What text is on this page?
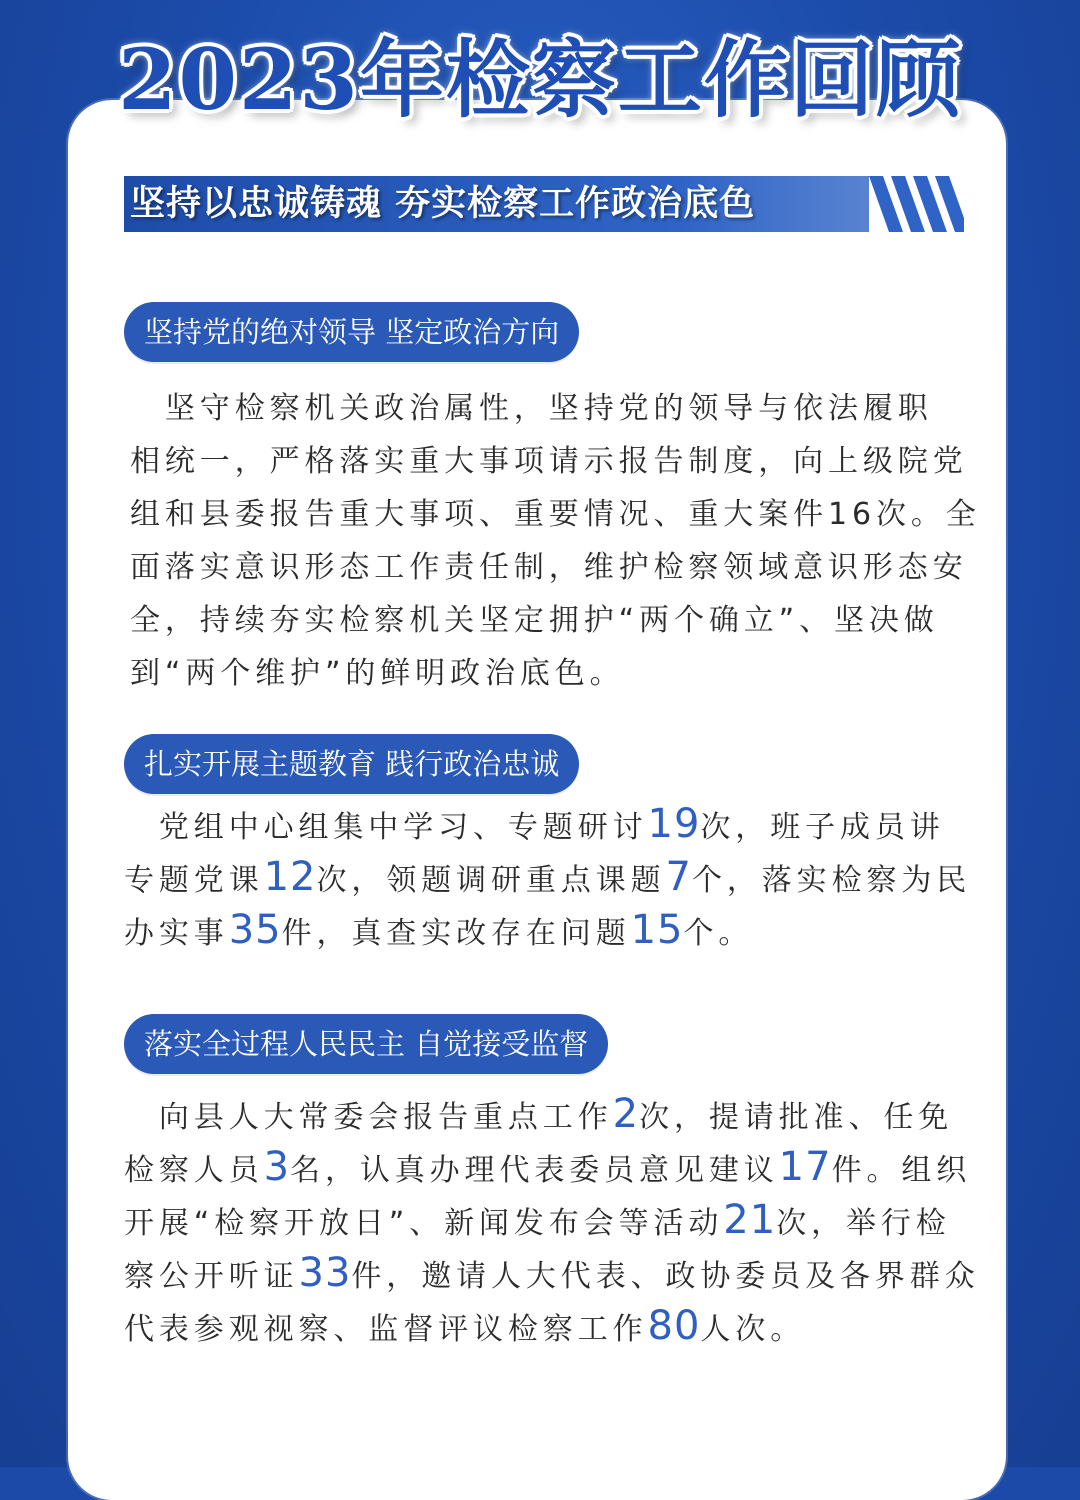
2023年检察工作回顾
坚持以忠诚铸魂 夯实检察工作政治底色
坚持党的绝对领导 坚定政治方向
　坚守检察机关政治属性，坚持党的领导与依法履职
相统一，严格落实重大事项请示报告制度，向上级院党
组和县委报告重大事项、重要情况、重大案件16次。全
面落实意识形态工作责任制，维护检察领域意识形态安
全，持续夯实检察机关坚定拥护“两个确立”、坚决做
到“两个维护”的鲜明政治底色。
扎实开展主题教育 践行政治忠诚
　党组中心组集中学习、专题研讨19次，班子成员讲
专题党课12次，领题调研重点课题7个，落实检察为民
办实事35件，真查实改存在问题15个。
落实全过程人民民主 自觉接受监督
　向县人大常委会报告重点工作2次，提请批准、任免
检察人员3名，认真办理代表委员意见建议17件。组织
开展“检察开放日”、新闻发布会等活动21次，举行检
察公开听证33件，邀请人大代表、政协委员及各界群众
代表参观视察、监督评议检察工作80人次。
